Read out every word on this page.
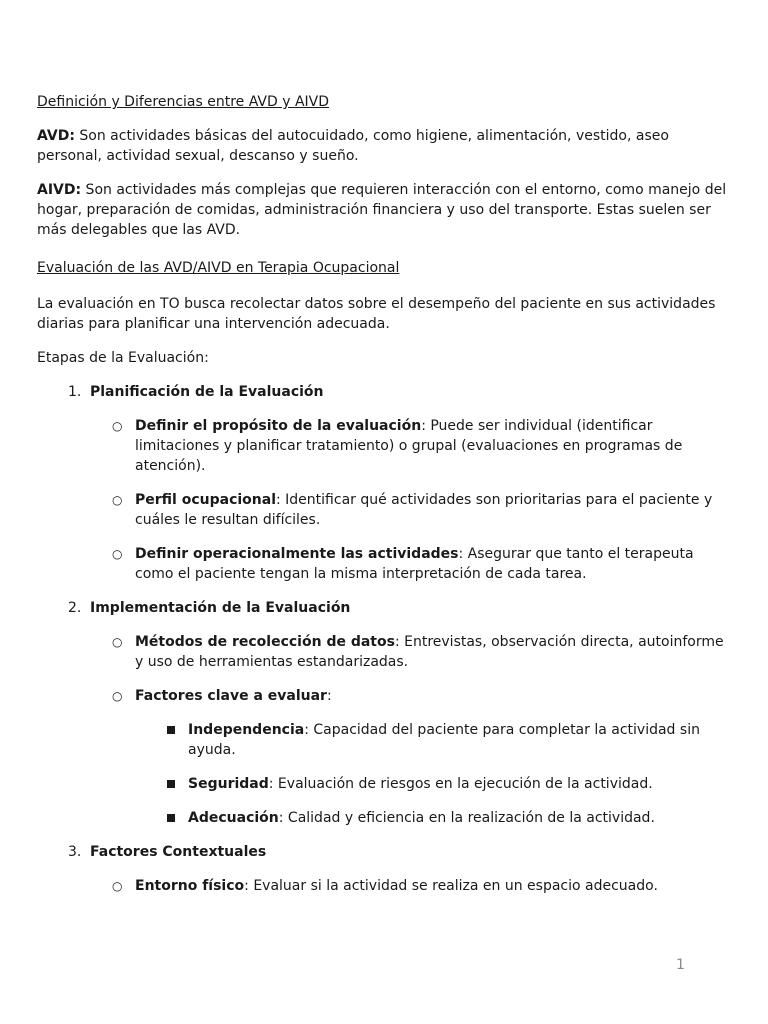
Definición y Diferencias entre AVD y AIVD

AVD: Son actividades básicas del autocuidado, como higiene, alimentación, vestido, aseo personal, actividad sexual, descanso y sueño.

AIVD: Son actividades más complejas que requieren interacción con el entorno, como manejo del hogar, preparación de comidas, administración financiera y uso del transporte. Estas suelen ser más delegables que las AVD.

Evaluación de las AVD/AIVD en Terapia Ocupacional

La evaluación en TO busca recolectar datos sobre el desempeño del paciente en sus actividades diarias para planificar una intervención adecuada.

Etapas de la Evaluación:

1. Planificación de la Evaluación
○ Definir el propósito de la evaluación: Puede ser individual (identificar limitaciones y planificar tratamiento) o grupal (evaluaciones en programas de atención).
○ Perfil ocupacional: Identificar qué actividades son prioritarias para el paciente y cuáles le resultan difíciles.
○ Definir operacionalmente las actividades: Asegurar que tanto el terapeuta como el paciente tengan la misma interpretación de cada tarea.
2. Implementación de la Evaluación
○ Métodos de recolección de datos: Entrevistas, observación directa, autoinforme y uso de herramientas estandarizadas.
○ Factores clave a evaluar:
Independencia: Capacidad del paciente para completar la actividad sin ayuda.
Seguridad: Evaluación de riesgos en la ejecución de la actividad.
Adecuación: Calidad y eficiencia en la realización de la actividad.
3. Factores Contextuales
○ Entorno físico: Evaluar si la actividad se realiza en un espacio adecuado.
1
